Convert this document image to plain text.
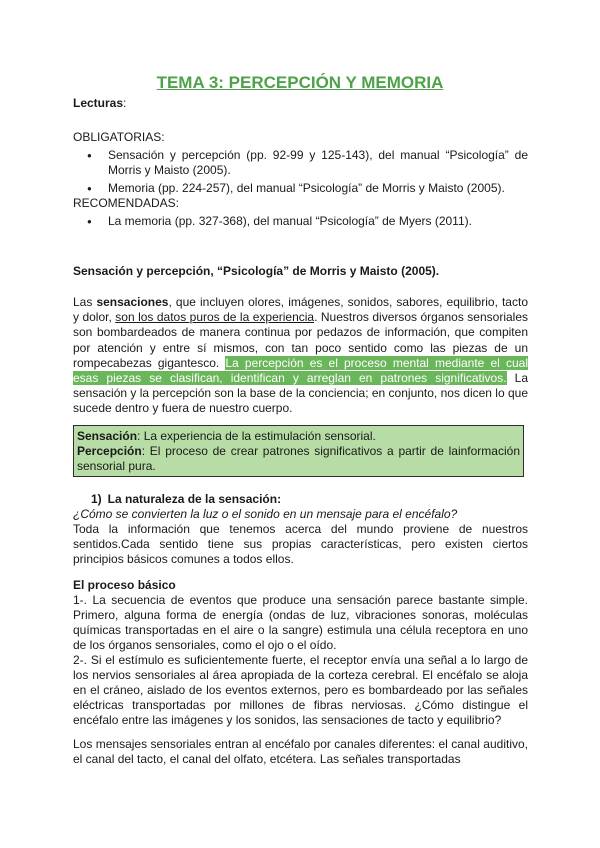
TEMA 3: PERCEPCIÓN Y MEMORIA
Lecturas:
OBLIGATORIAS:
● Sensación y percepción (pp. 92-99 y 125-143), del manual “Psicología” de Morris y Maisto (2005).
● Memoria (pp. 224-257), del manual “Psicología” de Morris y Maisto (2005).
RECOMENDADAS:
● La memoria (pp. 327-368), del manual “Psicología” de Myers (2011).
Sensación y percepción, “Psicología” de Morris y Maisto (2005).
Las sensaciones, que incluyen olores, imágenes, sonidos, sabores, equilibrio, tacto y dolor, son los datos puros de la experiencia. Nuestros diversos órganos sensoriales son bombardeados de manera continua por pedazos de información, que compiten por atención y entre sí mismos, con tan poco sentido como las piezas de un rompecabezas gigantesco. La percepción es el proceso mental mediante el cual esas piezas se clasifican, identifican y arreglan en patrones significativos. La sensación y la percepción son la base de la conciencia; en conjunto, nos dicen lo que sucede dentro y fuera de nuestro cuerpo.
Sensación: La experiencia de la estimulación sensorial.
Percepción: El proceso de crear patrones significativos a partir de lainformación sensorial pura.
1) La naturaleza de la sensación:
¿Cómo se convierten la luz o el sonido en un mensaje para el encéfalo?
Toda la información que tenemos acerca del mundo proviene de nuestros sentidos.Cada sentido tiene sus propias características, pero existen ciertos principios básicos comunes a todos ellos.
El proceso básico
1-. La secuencia de eventos que produce una sensación parece bastante simple. Primero, alguna forma de energía (ondas de luz, vibraciones sonoras, moléculas químicas transportadas en el aire o la sangre) estimula una célula receptora en uno de los órganos sensoriales, como el ojo o el oído.
2-. Si el estímulo es suficientemente fuerte, el receptor envía una señal a lo largo de los nervios sensoriales al área apropiada de la corteza cerebral. El encéfalo se aloja en el cráneo, aislado de los eventos externos, pero es bombardeado por las señales eléctricas transportadas por millones de fibras nerviosas. ¿Cómo distingue el encéfalo entre las imágenes y los sonidos, las sensaciones de tacto y equilibrio?
Los mensajes sensoriales entran al encéfalo por canales diferentes: el canal auditivo, el canal del tacto, el canal del olfato, etcétera. Las señales transportadas
